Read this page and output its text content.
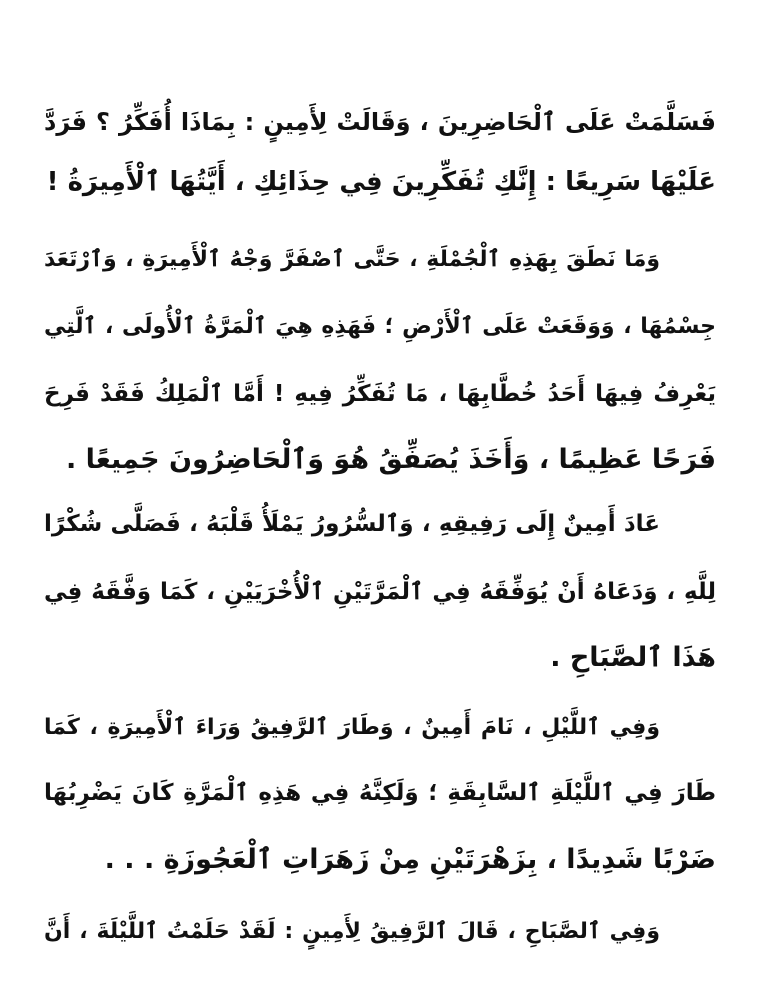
فَسَلَّمَتْ عَلَى ٱلْحَاضِرِينَ ، وَقَالَتْ لِأَمِينٍ : بِمَاذَا أُفَكِّرُ ؟ فَرَدَّ
عَلَيْهَا سَرِيعًا : إِنَّكِ تُفَكِّرِينَ فِي حِذَائِكِ ، أَيَّتُهَا ٱلْأَمِيرَةُ !
وَمَا نَطَقَ بِهَذِهِ ٱلْجُمْلَةِ ، حَتَّى ٱصْفَرَّ وَجْهُ ٱلْأَمِيرَةِ ، وَٱرْتَعَدَ
جِسْمُهَا ، وَوَقَعَتْ عَلَى ٱلْأَرْضِ ؛ فَهَذِهِ هِيَ ٱلْمَرَّةُ ٱلْأُولَى ، ٱلَّتِي
يَعْرِفُ فِيهَا أَحَدُ خُطَّابِهَا ، مَا تُفَكِّرُ فِيهِ ! أَمَّا ٱلْمَلِكُ فَقَدْ فَرِحَ
فَرَحًا عَظِيمًا ، وَأَخَذَ يُصَفِّقُ هُوَ وَٱلْحَاضِرُونَ جَمِيعًا .
عَادَ أَمِينٌ إِلَى رَفِيقِهِ ، وَٱلسُّرُورُ يَمْلَأُ قَلْبَهُ ، فَصَلَّى شُكْرًا
لِلَّهِ ، وَدَعَاهُ أَنْ يُوَفِّقَهُ فِي ٱلْمَرَّتَيْنِ ٱلْأُخْرَيَيْنِ ، كَمَا وَفَّقَهُ فِي
هَذَا ٱلصَّبَاحِ .
وَفِي ٱللَّيْلِ ، نَامَ أَمِينٌ ، وَطَارَ ٱلرَّفِيقُ وَرَاءَ ٱلْأَمِيرَةِ ، كَمَا
طَارَ فِي ٱللَّيْلَةِ ٱلسَّابِقَةِ ؛ وَلَكِنَّهُ فِي هَذِهِ ٱلْمَرَّةِ كَانَ يَضْرِبُهَا
ضَرْبًا شَدِيدًا ، بِزَهْرَتَيْنِ مِنْ زَهَرَاتِ ٱلْعَجُوزَةِ . . .
وَفِي ٱلصَّبَاحِ ، قَالَ ٱلرَّفِيقُ لِأَمِينٍ : لَقَدْ حَلَمْتُ ٱللَّيْلَةَ ، أَنَّ
